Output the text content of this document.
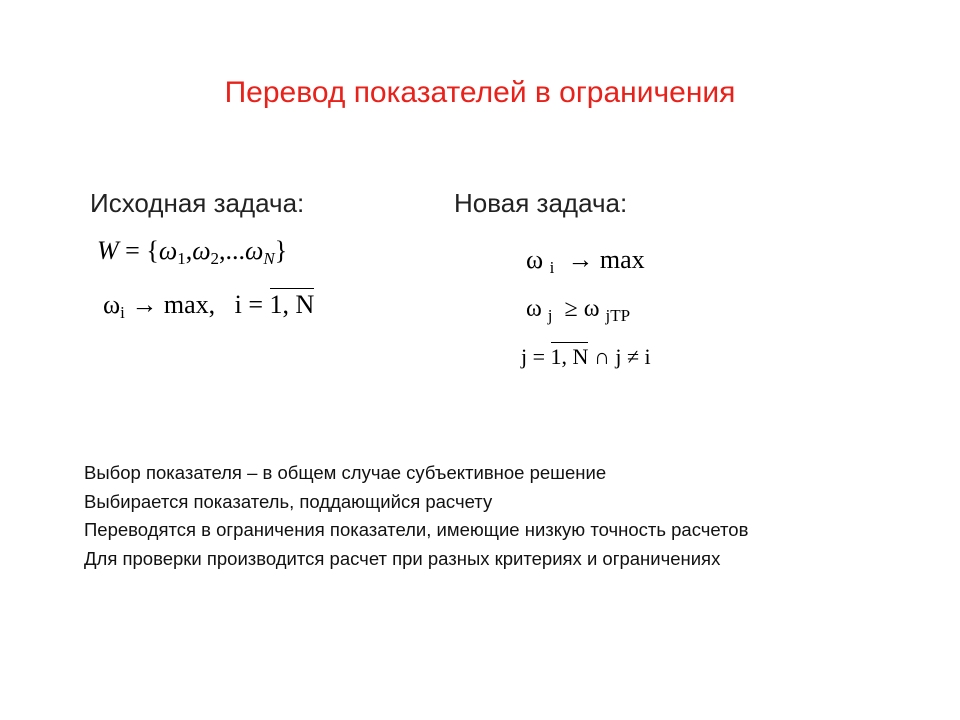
Перевод показателей в ограничения
Исходная задача:	Новая задача:
$W = \{\omega_1,\omega_2,...\omega_N\}$
$\omega_i \to \max$, i = 1, N
ω $_i$ → max
ω $_j$ ≥ ω $_{jТР}$
j = 1, N ∩ j ≠ i
Выбор показателя – в общем случае субъективное решение
Выбирается показатель, поддающийся расчету
Переводятся в ограничения показатели, имеющие низкую точность расчетов
Для проверки производится расчет при разных критериях и ограничениях
